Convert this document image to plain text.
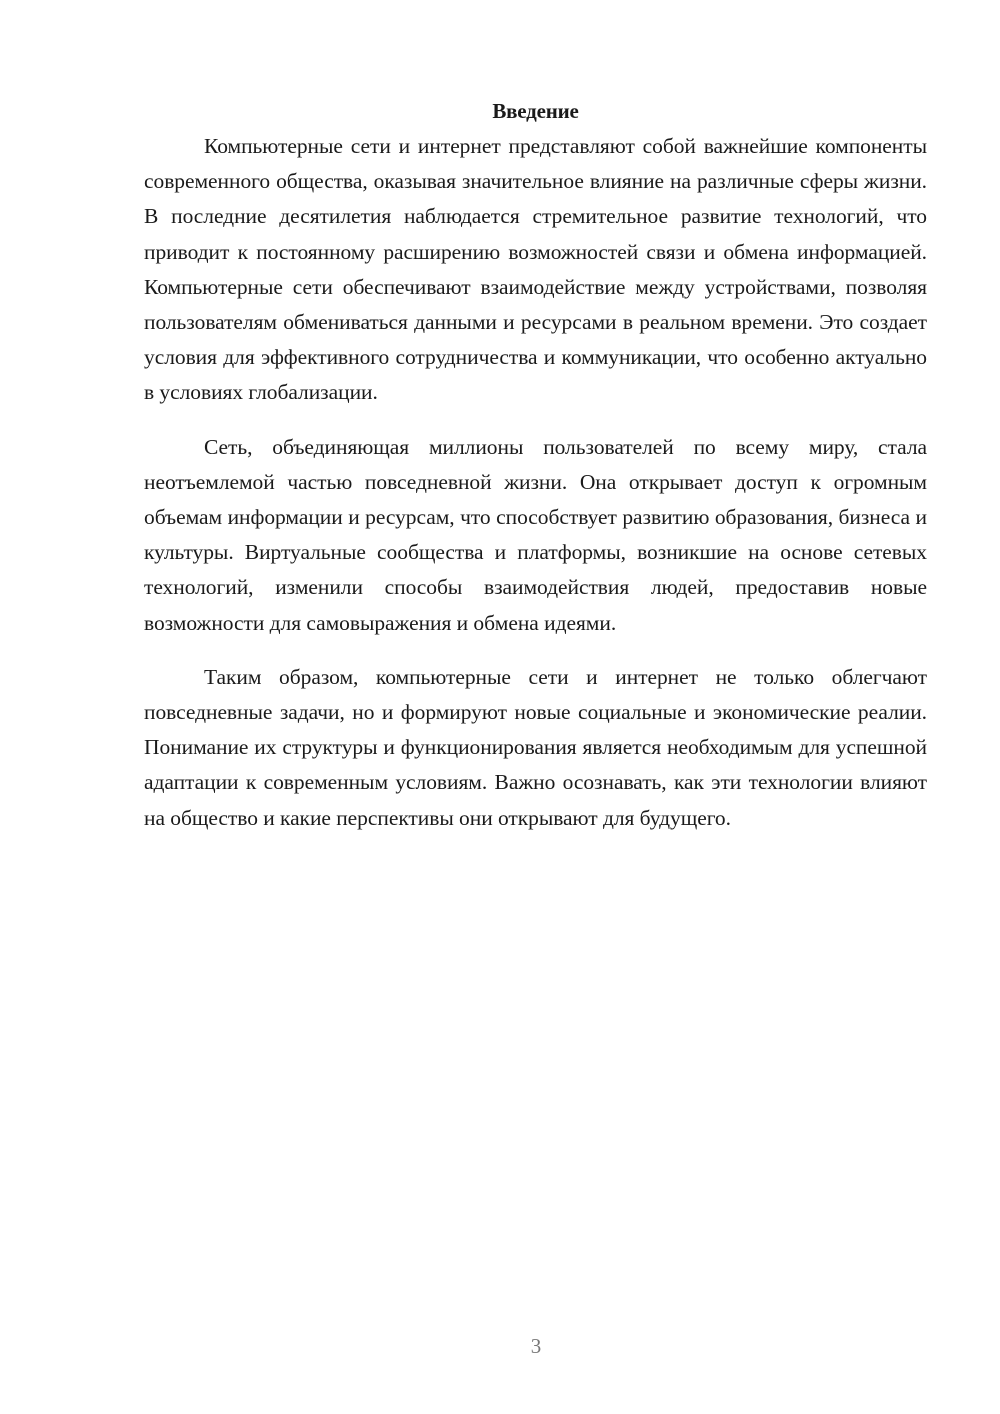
Введение

Компьютерные сети и интернет представляют собой важнейшие компоненты современного общества, оказывая значительное влияние на различные сферы жизни. В последние десятилетия наблюдается стремительное развитие технологий, что приводит к постоянному расширению возможностей связи и обмена информацией. Компьютерные сети обеспечивают взаимодействие между устройствами, позволяя пользователям обмениваться данными и ресурсами в реальном времени. Это создает условия для эффективного сотрудничества и коммуникации, что особенно актуально в условиях глобализации.

Сеть, объединяющая миллионы пользователей по всему миру, стала неотъемлемой частью повседневной жизни. Она открывает доступ к огромным объемам информации и ресурсам, что способствует развитию образования, бизнеса и культуры. Виртуальные сообщества и платформы, возникшие на основе сетевых технологий, изменили способы взаимодействия людей, предоставив новые возможности для самовыражения и обмена идеями.

Таким образом, компьютерные сети и интернет не только облегчают повседневные задачи, но и формируют новые социальные и экономические реалии. Понимание их структуры и функционирования является необходимым для успешной адаптации к современным условиям. Важно осознавать, как эти технологии влияют на общество и какие перспективы они открывают для будущего.

3
